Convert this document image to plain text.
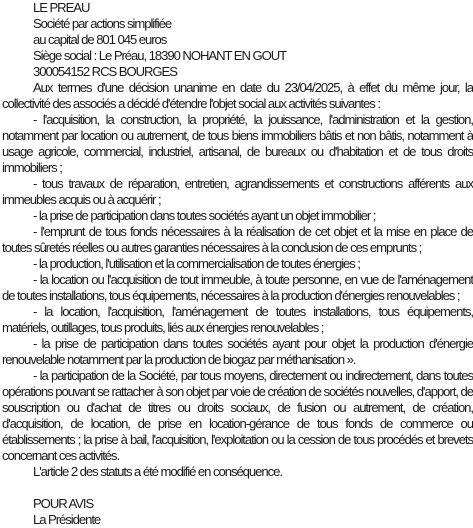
LE PREAU
Société par actions simplifiée
au capital de 801 045 euros
Siège social : Le Préau, 18390 NOHANT EN GOUT
300054152 RCS BOURGES
Aux termes d'une décision unanime en date du 23/04/2025, à effet du même jour, la collectivité des associés a décidé d'étendre l'objet social aux activités suivantes :
- l'acquisition, la construction, la propriété, la jouissance, l'administration et la gestion, notamment par location ou autrement, de tous biens immobiliers bâtis et non bâtis, notamment à usage agricole, commercial, industriel, artisanal, de bureaux ou d'habitation et de tous droits immobiliers ;
- tous travaux de réparation, entretien, agrandissements et constructions afférents aux immeubles acquis ou à acquérir ;
- la prise de participation dans toutes sociétés ayant un objet immobilier ;
- l'emprunt de tous fonds nécessaires à la réalisation de cet objet et la mise en place de toutes sûretés réelles ou autres garanties nécessaires à la conclusion de ces emprunts ;
- la production, l'utilisation et la commercialisation de toutes énergies ;
- la location ou l'acquisition de tout immeuble, à toute personne, en vue de l'aménagement de toutes installations, tous équipements, nécessaires à la production d'énergies renouvelables ;
- la location, l'acquisition, l'aménagement de toutes installations, tous équipements, matériels, outillages, tous produits, liés aux énergies renouvelables ;
- la prise de participation dans toutes sociétés ayant pour objet la production d'énergie renouvelable notamment par la production de biogaz par méthanisation ».
- la participation de la Société, par tous moyens, directement ou indirectement, dans toutes opérations pouvant se rattacher à son objet par voie de création de sociétés nouvelles, d'apport, de souscription ou d'achat de titres ou droits sociaux, de fusion ou autrement, de création, d'acquisition, de location, de prise en location-gérance de tous fonds de commerce ou établissements ; la prise à bail, l'acquisition, l'exploitation ou la cession de tous procédés et brevets concernant ces activités.
L'article 2 des statuts a été modifié en conséquence.
POUR AVIS
La Présidente
